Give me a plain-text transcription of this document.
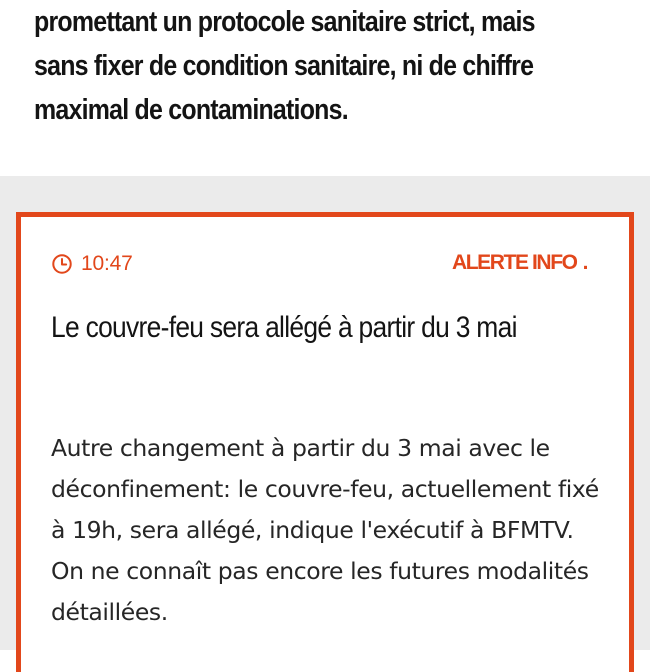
promettant un protocole sanitaire strict, mais sans fixer de condition sanitaire, ni de chiffre maximal de contaminations.

10:47	ALERTE INFO .
Le couvre-feu sera allégé à partir du 3 mai

Autre changement à partir du 3 mai avec le déconfinement: le couvre-feu, actuellement fixé à 19h, sera allégé, indique l'exécutif à BFMTV. On ne connaît pas encore les futures modalités détaillées.
